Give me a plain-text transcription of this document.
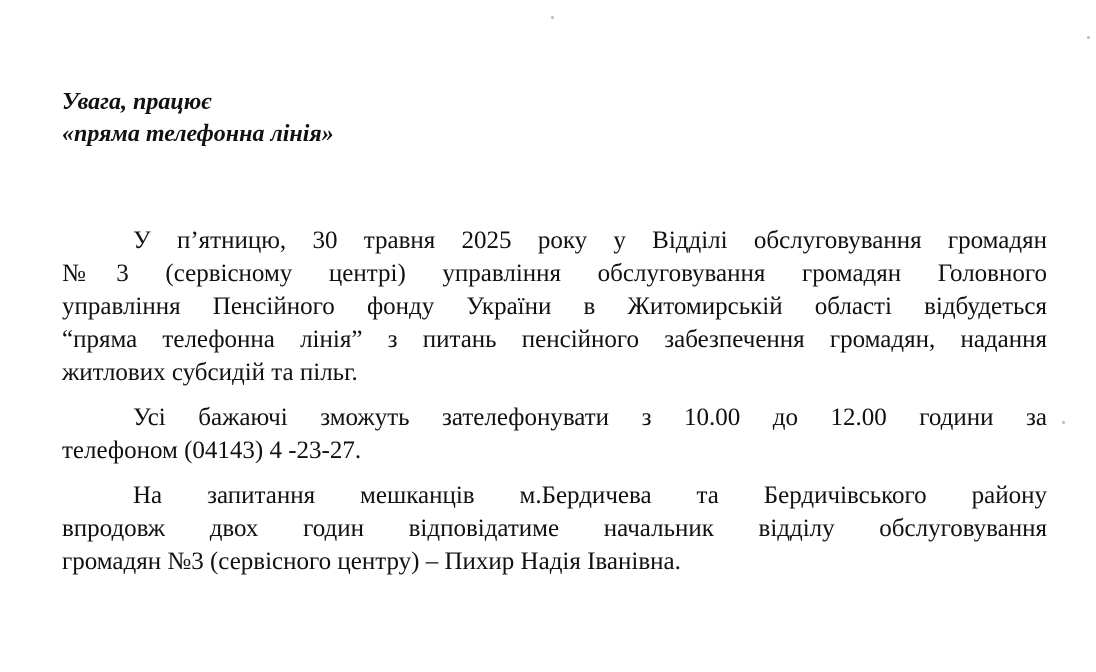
Увага, працює
«пряма телефонна лінія»
У п’ятницю, 30 травня 2025 року у Відділі обслуговування громадян
№3 (сервісному центрі) управління обслуговування громадян Головного
управління Пенсійного фонду України в Житомирській області відбудеться
“пряма телефонна лінія” з питань пенсійного забезпечення громадян, надання
житлових субсидій та пільг.
Усі бажаючі зможуть зателефонувати з 10.00 до 12.00 години за
телефоном (04143) 4 -23-27.
На запитання мешканців м.Бердичева та Бердичівського району
впродовж двох годин відповідатиме начальник відділу обслуговування
громадян №3 (сервісного центру) – Пихир Надія Іванівна.
